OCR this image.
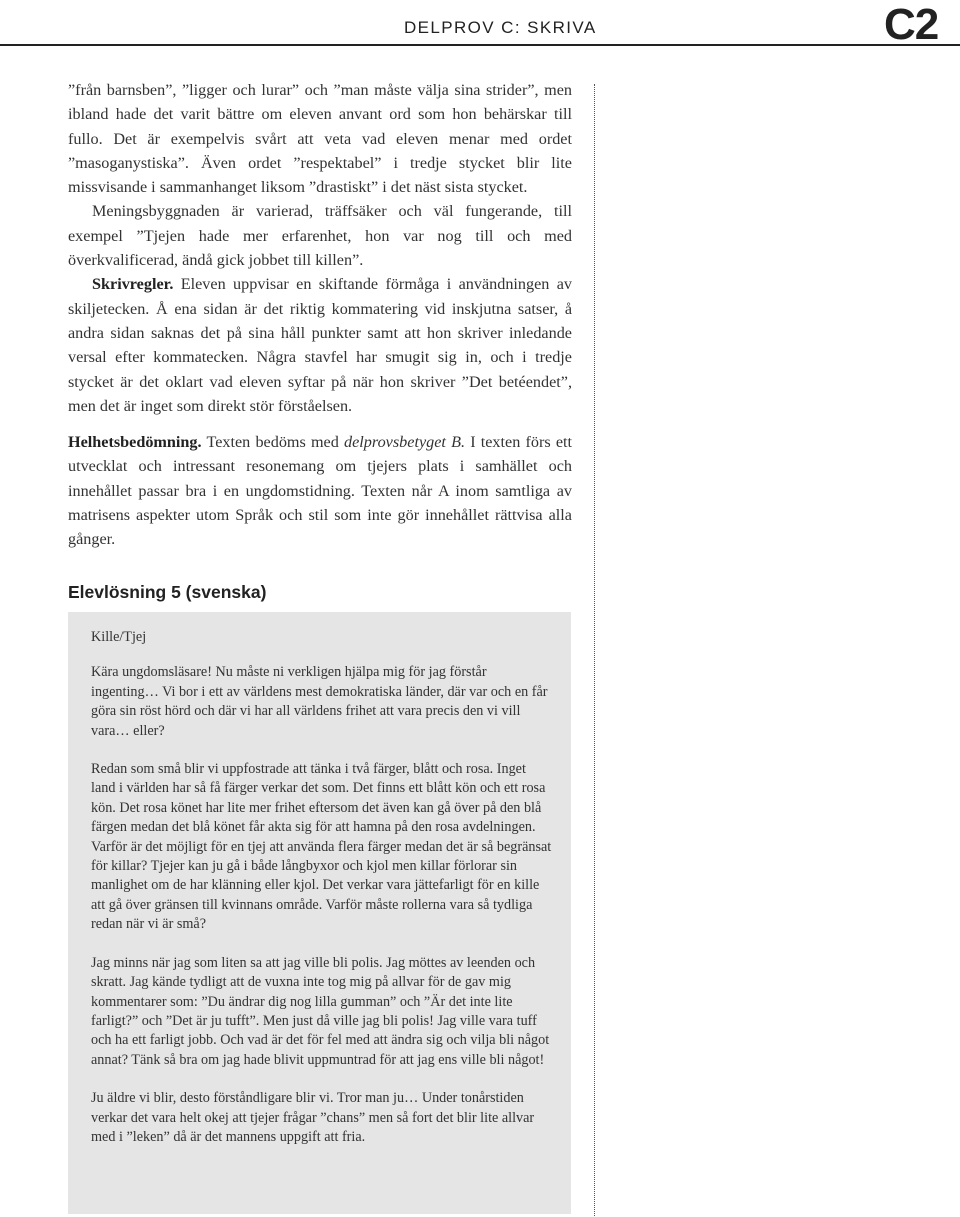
DELPROV C: SKRIVA	C2

”från barnsben”, ”ligger och lurar” och ”man måste välja sina strider”, men ibland hade det varit bättre om eleven anvant ord som hon behärskar till fullo. Det är exempelvis svårt att veta vad eleven menar med ordet ”masoganystiska”. Även ordet ”respektabel” i tredje stycket blir lite missvisande i sammanhanget liksom ”drastiskt” i det näst sista stycket.

Meningsbyggnaden är varierad, träffsäker och väl fungerande, till exempel ”Tjejen hade mer erfarenhet, hon var nog till och med överkvalificerad, ändå gick jobbet till killen”.

Skrivregler. Eleven uppvisar en skiftande förmåga i användningen av skiljetecken. Å ena sidan är det riktig kommatering vid inskjutna satser, å andra sidan saknas det på sina håll punkter samt att hon skriver inledande versal efter kommatecken. Några stavfel har smugit sig in, och i tredje stycket är det oklart vad eleven syftar på när hon skriver ”Det betéendet”, men det är inget som direkt stör förståelsen.

Helhetsbedömning. Texten bedöms med delprovsbetyget B. I texten förs ett utvecklat och intressant resonemang om tjejers plats i samhället och innehållet passar bra i en ungdomstidning. Texten når A inom samtliga av matrisens aspekter utom Språk och stil som inte gör innehållet rättvisa alla gånger.

Elevlösning 5 (svenska)

Kille/Tjej

Kära ungdomsläsare! Nu måste ni verkligen hjälpa mig för jag förstår ingenting… Vi bor i ett av världens mest demokratiska länder, där var och en får göra sin röst hörd och där vi har all världens frihet att vara precis den vi vill vara… eller?

Redan som små blir vi uppfostrade att tänka i två färger, blått och rosa. Inget land i världen har så få färger verkar det som. Det finns ett blått kön och ett rosa kön. Det rosa könet har lite mer frihet eftersom det även kan gå över på den blå färgen medan det blå könet får akta sig för att hamna på den rosa avdelningen. Varför är det möjligt för en tjej att använda flera färger medan det är så begränsat för killar? Tjejer kan ju gå i både långbyxor och kjol men killar förlorar sin manlighet om de har klänning eller kjol. Det verkar vara jättefarligt för en kille att gå över gränsen till kvinnans område. Varför måste rollerna vara så tydliga redan när vi är små?

Jag minns när jag som liten sa att jag ville bli polis. Jag möttes av leenden och skratt. Jag kände tydligt att de vuxna inte tog mig på allvar för de gav mig kommentarer som: ”Du ändrar dig nog lilla gumman” och ”Är det inte lite farligt?” och ”Det är ju tufft”. Men just då ville jag bli polis! Jag ville vara tuff och ha ett farligt jobb. Och vad är det för fel med att ändra sig och vilja bli något annat? Tänk så bra om jag hade blivit uppmuntrad för att jag ens ville bli något!

Ju äldre vi blir, desto förståndligare blir vi. Tror man ju… Under tonårstiden verkar det vara helt okej att tjejer frågar ”chans” men så fort det blir lite allvar med i ”leken” då är det mannens uppgift att fria.
